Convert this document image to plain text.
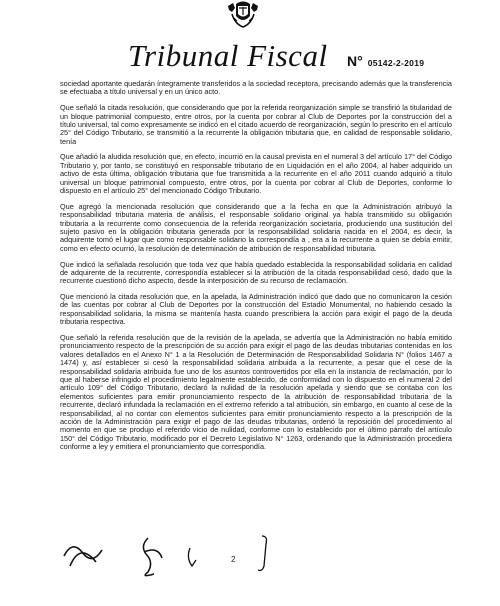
Tribunal Fiscal N° 05142-2-2019

sociedad aportante quedarán íntegramente transferidos a la sociedad receptora, precisando además que la transferencia se efectuaba a título universal y en un único acto.

Que señaló la citada resolución, que considerando que por la referida reorganización simple se transfirió la titularidad de un bloque patrimonial compuesto, entre otros, por la cuenta por cobrar al Club de Deportes por la construcción del a título universal, tal como expresamente se indicó en el citado acuerdo de reorganización, según lo prescrito en el artículo 25° del Código Tributario, se transmitió a la recurrente la obligación tributaria que, en calidad de responsable solidario, tenía

Que añadió la aludida resolución que, en efecto, incurrió en la causal prevista en el numeral 3 del artículo 17° del Código Tributario y, por tanto, se constituyó en responsable tributario de en Liquidación en el año 2004, al haber adquirido un activo de esta última, obligación tributaria que fue transmitida a la recurrente en el año 2011 cuando adquirió a título universal un bloque patrimonial compuesto, entre otros, por la cuenta por cobrar al Club de Deportes, conforme lo dispuesto en el artículo 25° del mencionado Código Tributario.

Que agregó la mencionada resolución que considerando que a la fecha en que la Administración atribuyó la responsabilidad tributaria materia de análisis, el responsable solidario original ya había transmitido su obligación tributaria a la recurrente como consecuencia de la referida reorganización societaria, produciendo una sustitución del sujeto pasivo en la obligación tributaria generada por la responsabilidad solidaria nacida en el 2004, es decir, la adquirente tomó el lugar que como responsable solidario la correspondía a , era a la recurrente a quien se debía emitir, como en efecto ocurrió, la resolución de determinación de atribución de responsabilidad tributaria.

Que indicó la señalada resolución que toda vez que había quedado establecida la responsabilidad solidaria en calidad de adquirente de la recurrente, correspondía establecer si la atribución de la citada responsabilidad cesó, dado que la recurrente cuestionó dicho aspecto, desde la interposición de su recurso de reclamación.

Que mencionó la citada resolución que, en la apelada, la Administración indicó que dado que no comunicaron la cesión de las cuentas por cobrar al Club de Deportes por la construcción del Estadio Monumental, no habiendo cesado la responsabilidad solidaria, la misma se mantenía hasta cuando prescribiera la acción para exigir el pago de la deuda tributaria respectiva.

Que señaló la referida resolución que de la revisión de la apelada, se advertía que la Administración no había emitido pronunciamiento respecto de la prescripción de su acción para exigir el pago de las deudas tributarias contenidas en los valores detallados en el Anexo N° 1 a la Resolución de Determinación de Responsabilidad Solidaria N° (folios 1467 a 1474) y, así establecer si cesó la responsabilidad solidaria atribuida a la recurrente, a pesar que el cese de la responsabilidad solidaria atribuida fue uno de los asuntos controvertidos por ella en la instancia de reclamación, por lo que al haberse infringido el procedimiento legalmente establecido, de conformidad con lo dispuesto en el numeral 2 del artículo 109° del Código Tributario, declaró la nulidad de la resolución apelada y siendo que se contaba con los elementos suficientes para emitir pronunciamiento respecto de la atribución de responsabilidad tributaria de la recurrente, declaró infundada la reclamación en el extremo referido a tal atribución, sin embargo, en cuanto al cese de la responsabilidad, al no contar con elementos suficientes para emitir pronunciamiento respecto a la prescripción de la acción de la Administración para exigir el pago de las deudas tributarias, ordenó la reposición del procedimiento al momento en que se produjo el referido vicio de nulidad, conforme con lo establecido por el último párrafo del artículo 150° del Código Tributario, modificado por el Decreto Legislativo N° 1263, ordenando que la Administración procediera conforme a ley y emitiera el pronunciamiento que correspondía.

2
